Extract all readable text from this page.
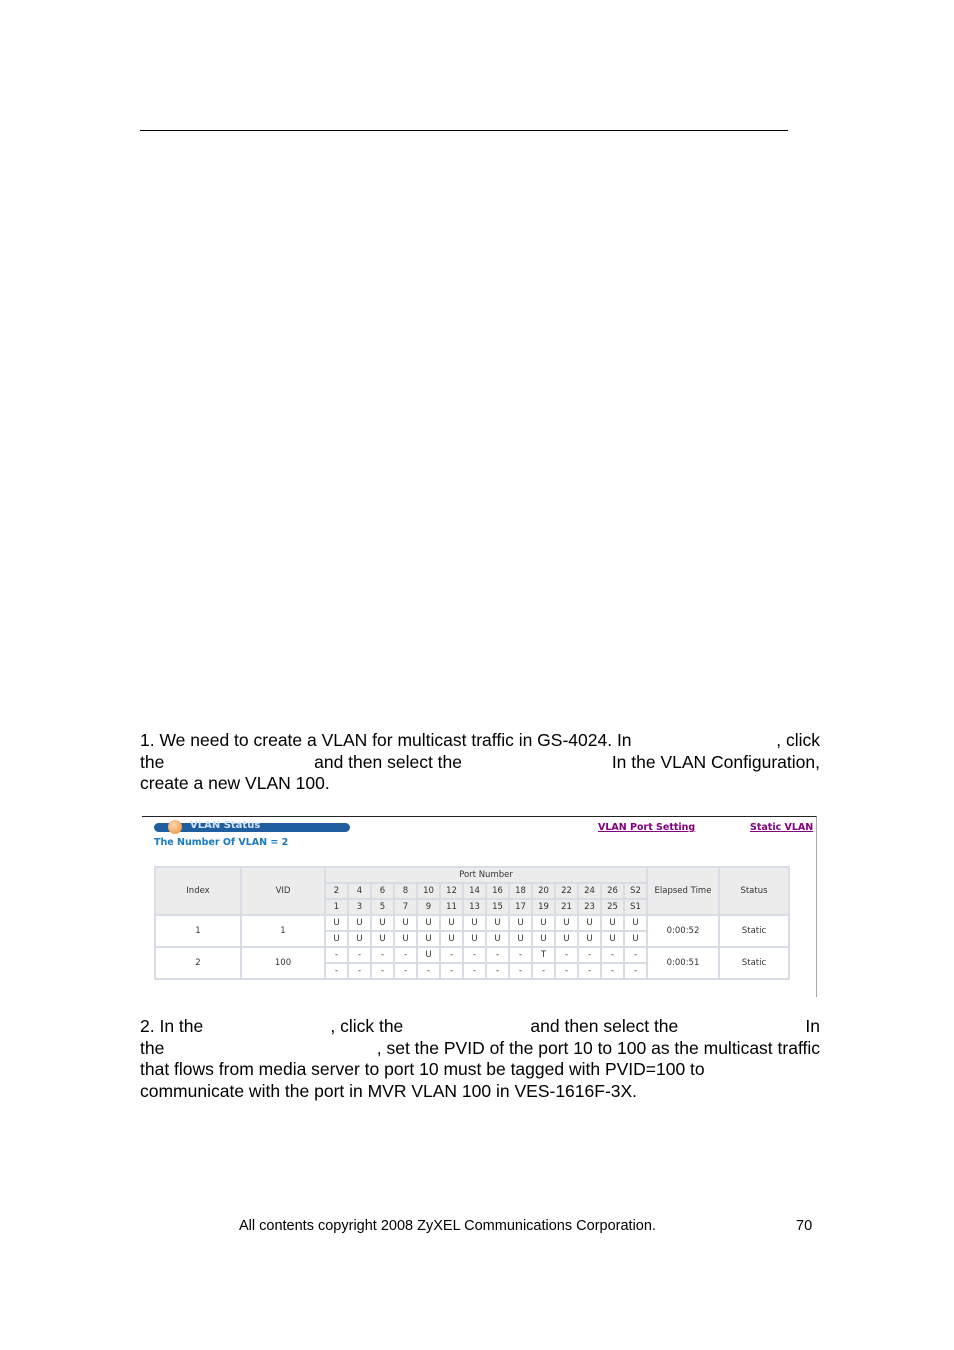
1. We need to create a VLAN for multicast traffic in GS-4024. In	, click
the	and then select the	In the VLAN Configuration,
create a new VLAN 100.
VLAN Status
The Number Of VLAN = 2
VLAN Port Setting	Static VLAN
Index	VID	Port Number														Elapsed Time	Status
		2	4	6	8	10	12	14	16	18	20	22	24	26	S2		
		1	3	5	7	9	11	13	15	17	19	21	23	25	S1		
1	1	U	U	U	U	U	U	U	U	U	U	U	U	U	U	0:00:52	Static
		U	U	U	U	U	U	U	U	U	U	U	U	U	U		
2	100	-	-	-	-	U	-	-	-	-	T	-	-	-	-	0:00:51	Static
		-	-	-	-	-	-	-	-	-	-	-	-	-	-		
2. In the	, click the	and then select the	In
the	, set the PVID of the port 10 to 100 as the multicast traffic
that flows from media server to port 10 must be tagged with PVID=100 to
communicate with the port in MVR VLAN 100 in VES-1616F-3X.
All contents copyright 2008 ZyXEL Communications Corporation.	70
